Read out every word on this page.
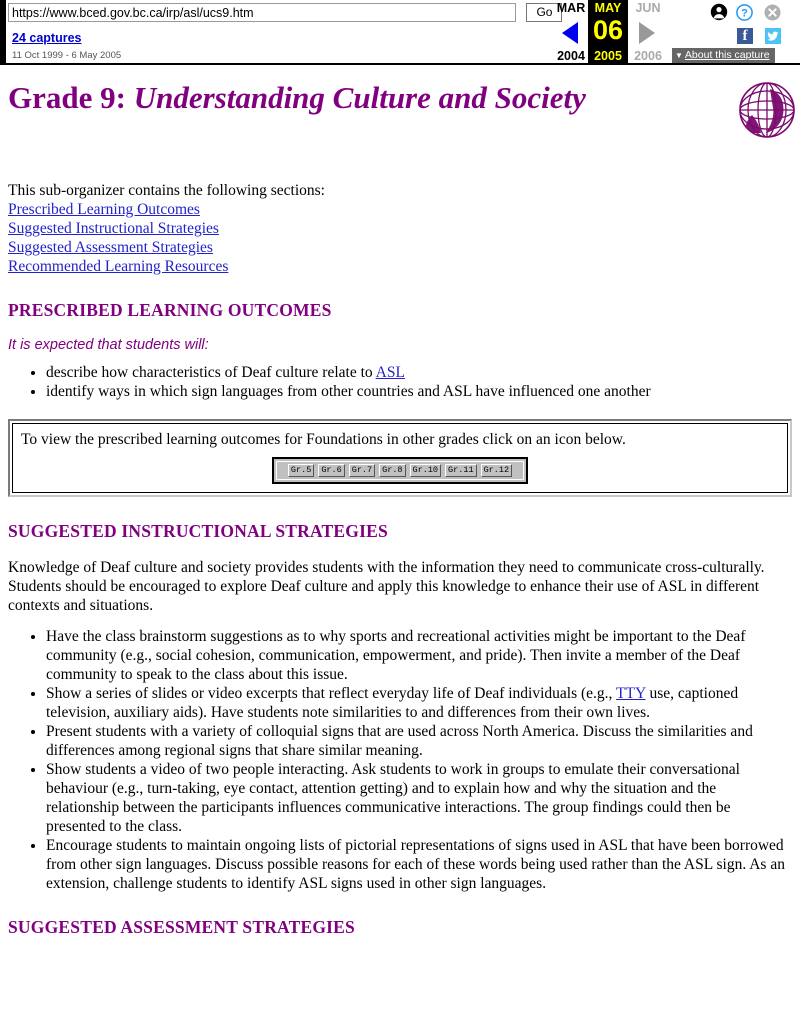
https://www.bced.gov.bc.ca/irp/asl/ucs9.htm Go
24 captures
11 Oct 1999 - 6 May 2005
MAR
2004
MAY
06
2005
JUN
2006
?
f
▼ About this capture
Grade 9: Understanding Culture and Society

This sub-organizer contains the following sections:

Prescribed Learning Outcomes
Suggested Instructional Strategies
Suggested Assessment Strategies
Recommended Learning Resources
PRESCRIBED LEARNING OUTCOMES

It is expected that students will:

• describe how characteristics of Deaf culture relate to ASL
• identify ways in which sign languages from other countries and ASL have influenced one another

To view the prescribed learning outcomes for Foundations in other grades click on an icon below.

Gr.5	Gr.6	Gr.7	Gr.8	Gr.10	Gr.11	Gr.12
SUGGESTED INSTRUCTIONAL STRATEGIES

Knowledge of Deaf culture and society provides students with the information they need to communicate cross-culturally. Students should be encouraged to explore Deaf culture and apply this knowledge to enhance their use of ASL in different contexts and situations.

• Have the class brainstorm suggestions as to why sports and recreational activities might be important to the Deaf community (e.g., social cohesion, communication, empowerment, and pride). Then invite a member of the Deaf community to speak to the class about this issue.
• Show a series of slides or video excerpts that reflect everyday life of Deaf individuals (e.g., TTY use, captioned television, auxiliary aids). Have students note similarities to and differences from their own lives.
• Present students with a variety of colloquial signs that are used across North America. Discuss the similarities and differences among regional signs that share similar meaning.
• Show students a video of two people interacting. Ask students to work in groups to emulate their conversational behaviour (e.g., turn-taking, eye contact, attention getting) and to explain how and why the situation and the relationship between the participants influences communicative interactions. The group findings could then be presented to the class.
• Encourage students to maintain ongoing lists of pictorial representations of signs used in ASL that have been borrowed from other sign languages. Discuss possible reasons for each of these words being used rather than the ASL sign. As an extension, challenge students to identify ASL signs used in other sign languages.
SUGGESTED ASSESSMENT STRATEGIES
